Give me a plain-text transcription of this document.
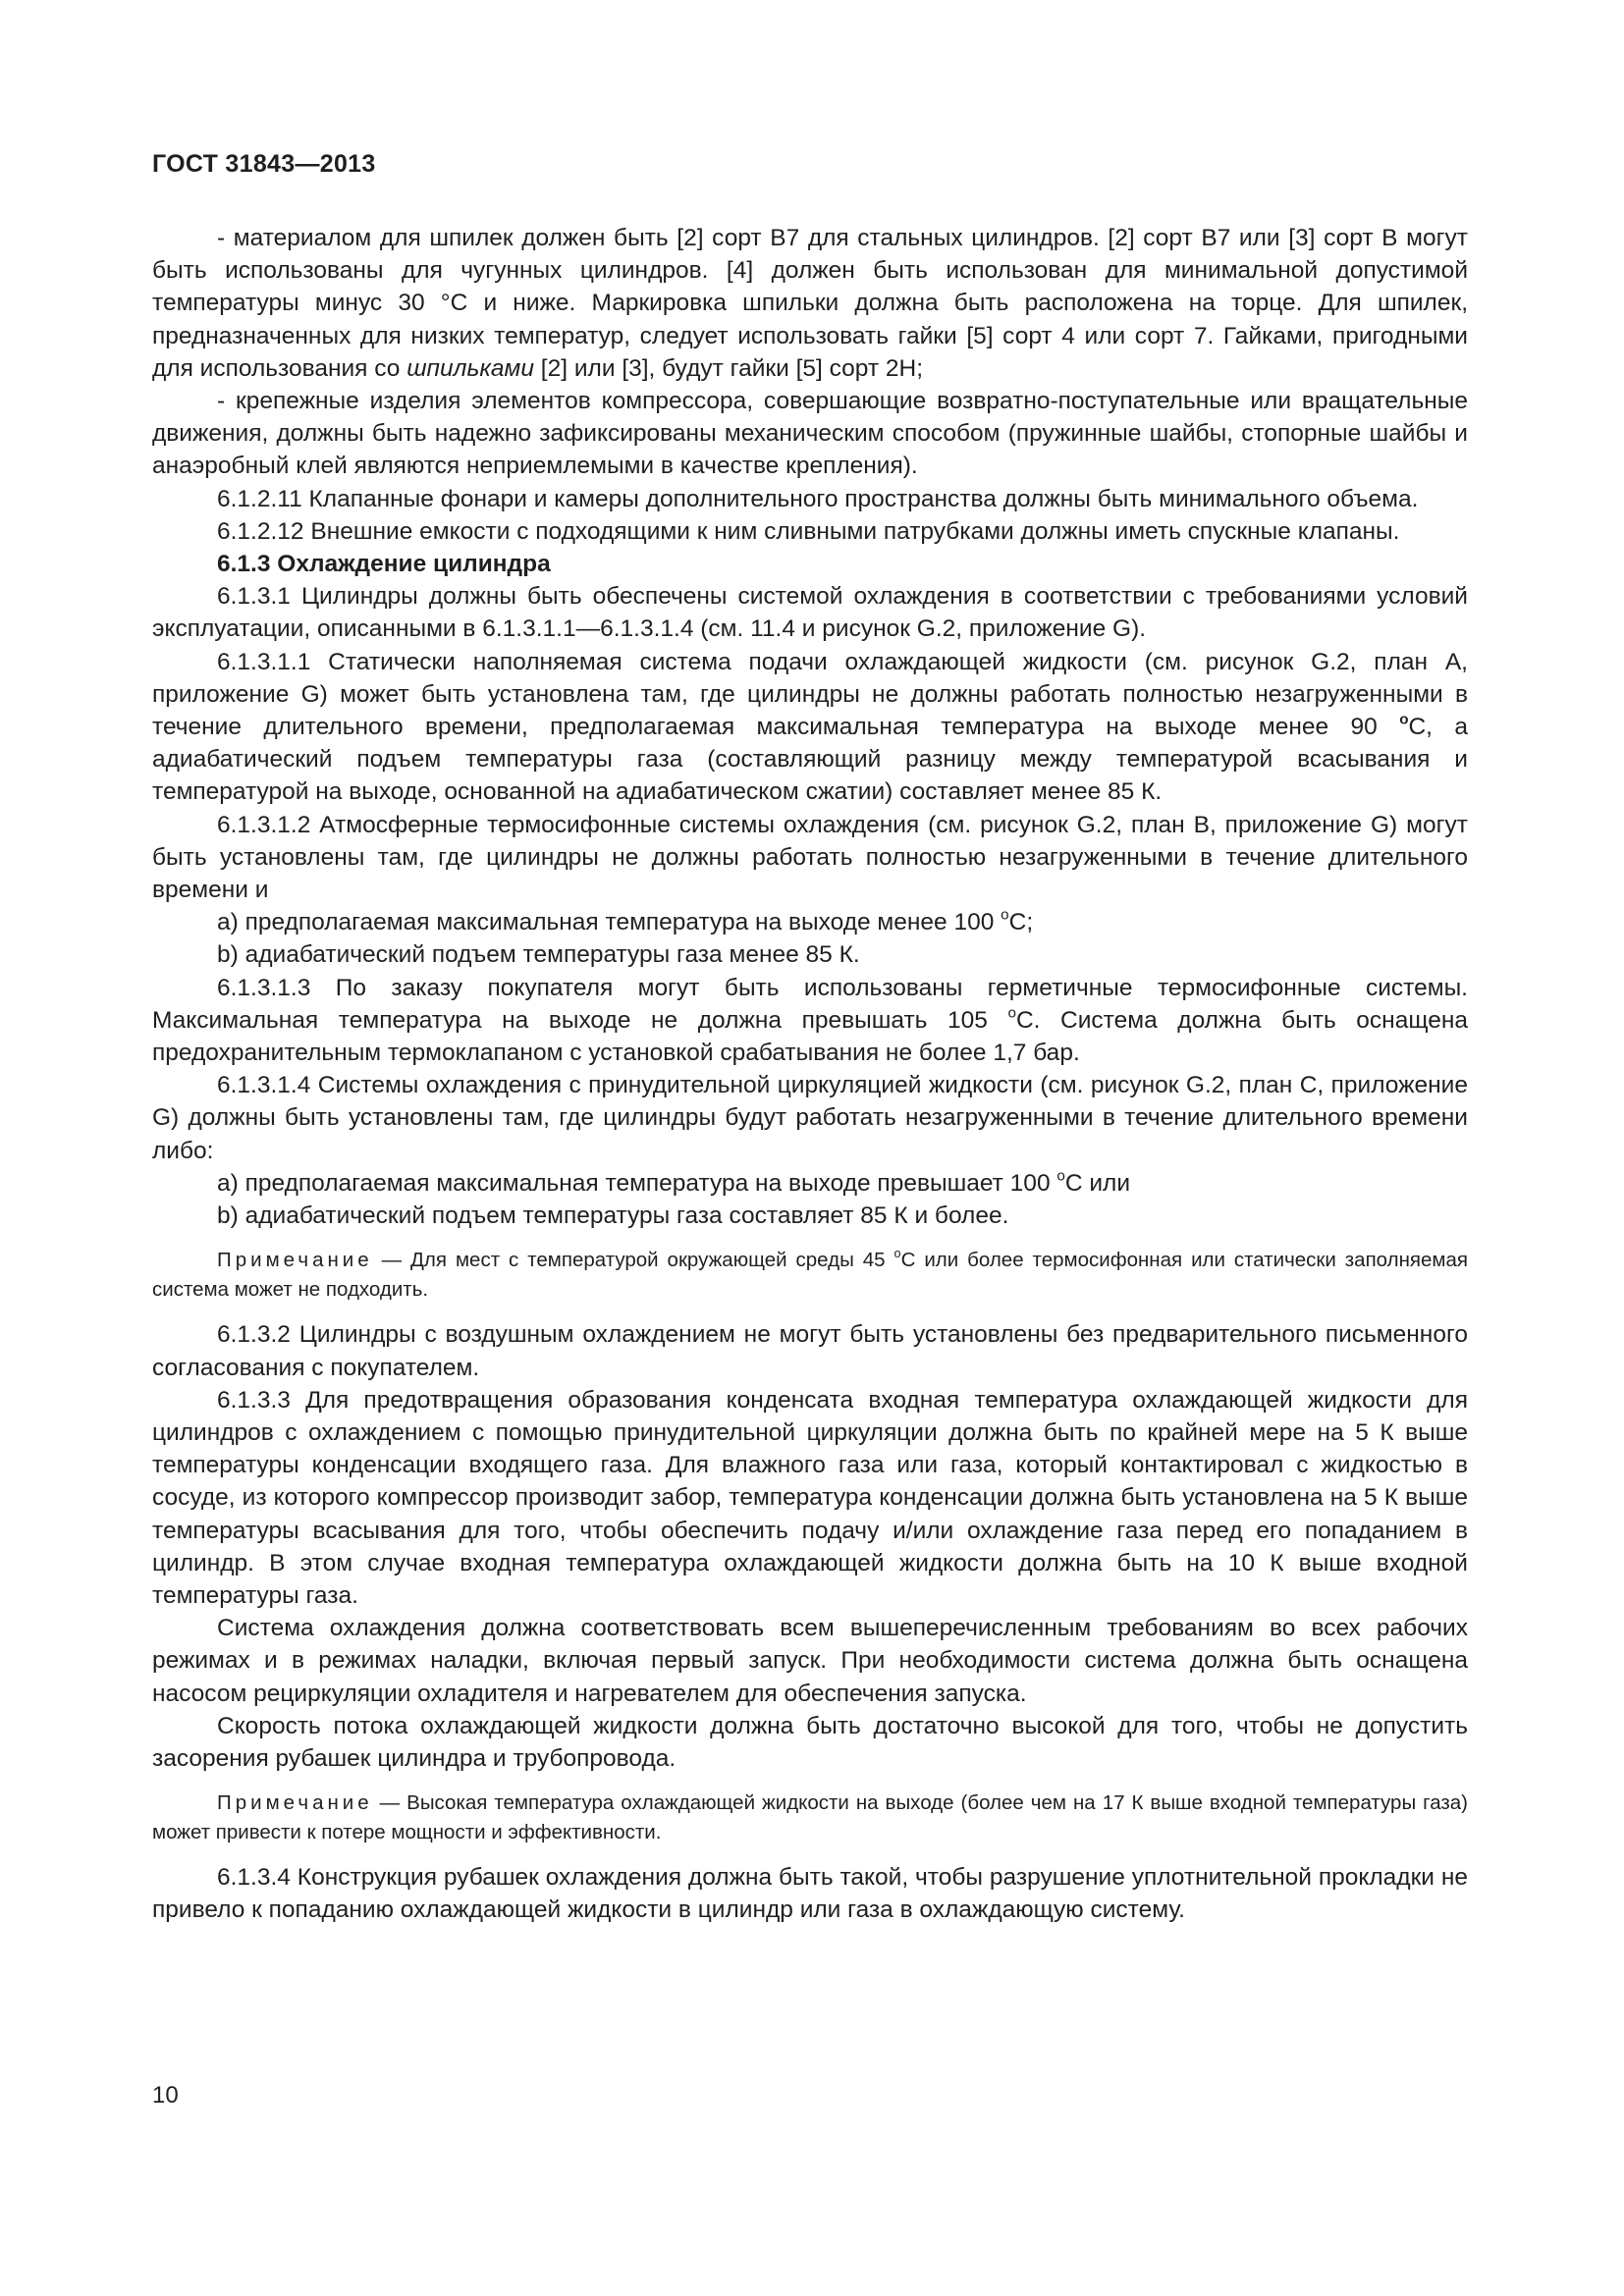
ГОСТ 31843—2013

- материалом для шпилек должен быть [2] сорт B7 для стальных цилиндров. [2] сорт B7 или [3] сорт B могут быть использованы для чугунных цилиндров. [4] должен быть использован для минимальной допустимой температуры минус 30 °С и ниже. Маркировка шпильки должна быть расположена на торце. Для шпилек, предназначенных для низких температур, следует использовать гайки [5] сорт 4 или сорт 7. Гайками, пригодными для использования со шпильками [2] или [3], будут гайки [5] сорт 2Н;

- крепежные изделия элементов компрессора, совершающие возвратно-поступательные или вращательные движения, должны быть надежно зафиксированы механическим способом (пружинные шайбы, стопорные шайбы и анаэробный клей являются неприемлемыми в качестве крепления).

6.1.2.11 Клапанные фонари и камеры дополнительного пространства должны быть минимального объема.

6.1.2.12 Внешние емкости с подходящими к ним сливными патрубками должны иметь спускные клапаны.

6.1.3 Охлаждение цилиндра

6.1.3.1 Цилиндры должны быть обеспечены системой охлаждения в соответствии с требованиями условий эксплуатации, описанными в 6.1.3.1.1—6.1.3.1.4 (см. 11.4 и рисунок G.2, приложение G).

6.1.3.1.1 Статически наполняемая система подачи охлаждающей жидкости (см. рисунок G.2, план А, приложение G) может быть установлена там, где цилиндры не должны работать полностью незагруженными в течение длительного времени, предполагаемая максимальная температура на выходе менее 90 $^о$С, а адиабатический подъем температуры газа (составляющий разницу между температурой всасывания и температурой на выходе, основанной на адиабатическом сжатии) составляет менее 85 К.

6.1.3.1.2 Атмосферные термосифонные системы охлаждения (см. рисунок G.2, план В, приложение G) могут быть установлены там, где цилиндры не должны работать полностью незагруженными в течение длительного времени и

а) предполагаемая максимальная температура на выходе менее 100 $^о$С;

b) адиабатический подъем температуры газа менее 85 К.

6.1.3.1.3 По заказу покупателя могут быть использованы герметичные термосифонные системы. Максимальная температура на выходе не должна превышать 105 $^о$С. Система должна быть оснащена предохранительным термоклапаном с установкой срабатывания не более 1,7 бар.

6.1.3.1.4 Системы охлаждения с принудительной циркуляцией жидкости (см. рисунок G.2, план С, приложение G) должны быть установлены там, где цилиндры будут работать незагруженными в течение длительного времени либо:

а) предполагаемая максимальная температура на выходе превышает 100 $^о$С или

b) адиабатический подъем температуры газа составляет 85 К и более.

Примечание — Для мест с температурой окружающей среды 45 $^о$С или более термосифонная или статически заполняемая система может не подходить.

6.1.3.2 Цилиндры с воздушным охлаждением не могут быть установлены без предварительного письменного согласования с покупателем.

6.1.3.3 Для предотвращения образования конденсата входная температура охлаждающей жидкости для цилиндров с охлаждением с помощью принудительной циркуляции должна быть по крайней мере на 5 К выше температуры конденсации входящего газа. Для влажного газа или газа, который контактировал с жидкостью в сосуде, из которого компрессор производит забор, температура конденсации должна быть установлена на 5 К выше температуры всасывания для того, чтобы обеспечить подачу и/или охлаждение газа перед его попаданием в цилиндр. В этом случае входная температура охлаждающей жидкости должна быть на 10 К выше входной температуры газа.

Система охлаждения должна соответствовать всем вышеперечисленным требованиям во всех рабочих режимах и в режимах наладки, включая первый запуск. При необходимости система должна быть оснащена насосом рециркуляции охладителя и нагревателем для обеспечения запуска.

Скорость потока охлаждающей жидкости должна быть достаточно высокой для того, чтобы не допустить засорения рубашек цилиндра и трубопровода.

Примечание — Высокая температура охлаждающей жидкости на выходе (более чем на 17 К выше входной температуры газа) может привести к потере мощности и эффективности.

6.1.3.4 Конструкция рубашек охлаждения должна быть такой, чтобы разрушение уплотнительной прокладки не привело к попаданию охлаждающей жидкости в цилиндр или газа в охлаждающую систему.

10
